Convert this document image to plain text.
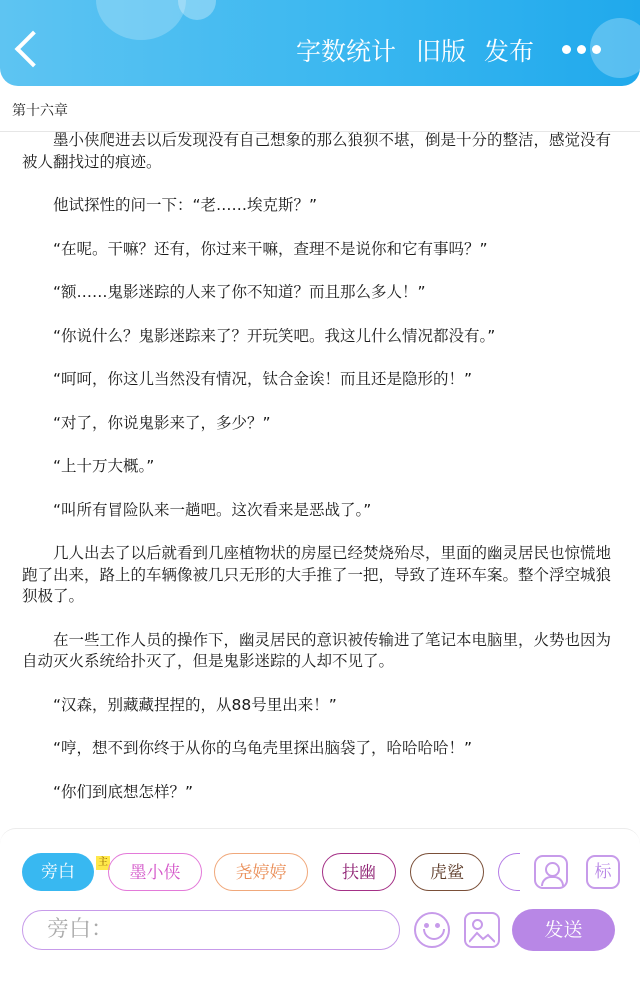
字数统计 旧版 发布
第十六章

墨小侠爬进去以后发现没有自己想象的那么狼狈不堪，倒是十分的整洁，感觉没有被人翻找过的痕迹。

他试探性的问一下：“老……埃克斯？”

“在呢。干嘛？还有，你过来干嘛，查理不是说你和它有事吗？”

“额……鬼影迷踪的人来了你不知道？而且那么多人！”

“你说什么？鬼影迷踪来了？开玩笑吧。我这儿什么情况都没有。”

“呵呵，你这儿当然没有情况，钛合金诶！而且还是隐形的！”

“对了，你说鬼影来了，多少？”

“上十万大概。”

“叫所有冒险队来一趟吧。这次看来是恶战了。”

几人出去了以后就看到几座植物状的房屋已经焚烧殆尽，里面的幽灵居民也惊慌地跑了出来，路上的车辆像被几只无形的大手推了一把，导致了连环车案。整个浮空城狼狈极了。

在一些工作人员的操作下，幽灵居民的意识被传输进了笔记本电脑里，火势也因为自动灭火系统给扑灭了，但是鬼影迷踪的人却不见了。

“汉森，别藏藏捏捏的，从88号里出来！”

“哼，想不到你终于从你的乌龟壳里探出脑袋了，哈哈哈哈！”

“你们到底想怎样？”

旁白	主
墨小侠	尧婷婷	扶幽	虎鲨	标
旁白：	发送
